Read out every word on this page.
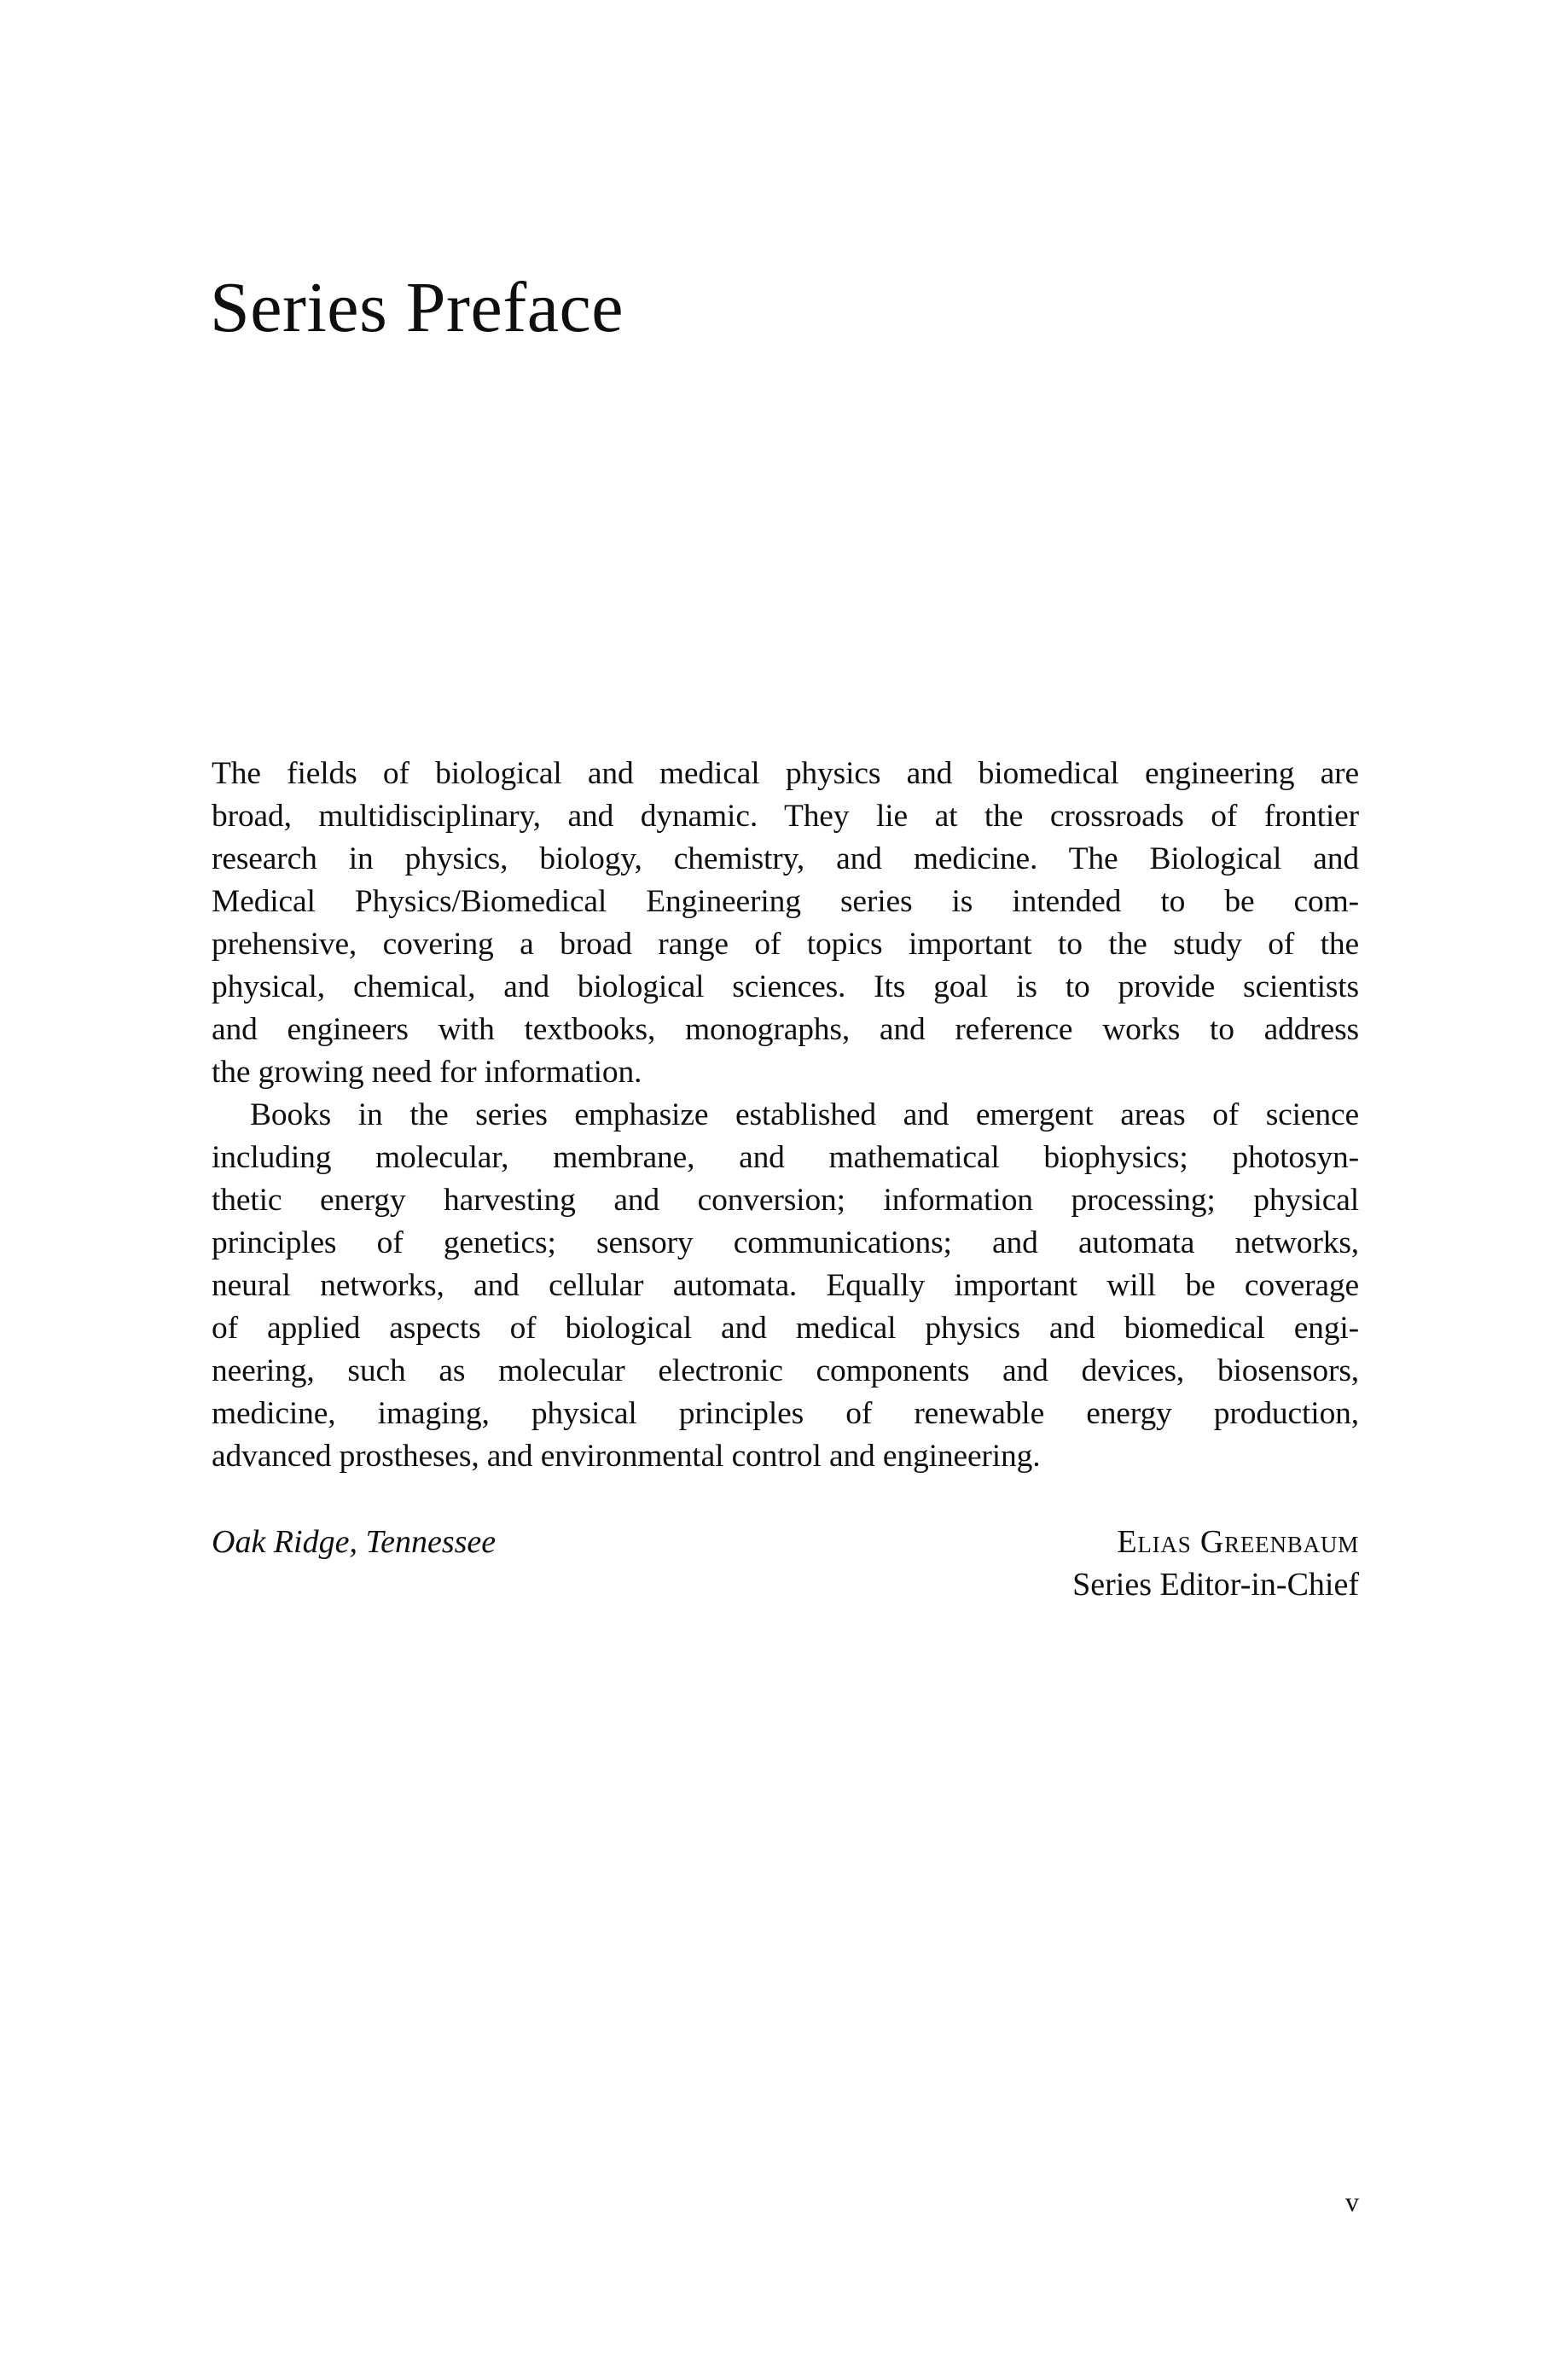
Series Preface
The fields of biological and medical physics and biomedical engineering are
broad, multidisciplinary, and dynamic. They lie at the crossroads of frontier
research in physics, biology, chemistry, and medicine. The Biological and
Medical Physics/Biomedical Engineering series is intended to be com-
prehensive, covering a broad range of topics important to the study of the
physical, chemical, and biological sciences. Its goal is to provide scientists
and engineers with textbooks, monographs, and reference works to address
the growing need for information.
Books in the series emphasize established and emergent areas of science
including molecular, membrane, and mathematical biophysics; photosyn-
thetic energy harvesting and conversion; information processing; physical
principles of genetics; sensory communications; and automata networks,
neural networks, and cellular automata. Equally important will be coverage
of applied aspects of biological and medical physics and biomedical engi-
neering, such as molecular electronic components and devices, biosensors,
medicine, imaging, physical principles of renewable energy production,
advanced prostheses, and environmental control and engineering.
Oak Ridge, Tennessee	Elias Greenbaum
Series Editor-in-Chief
v
